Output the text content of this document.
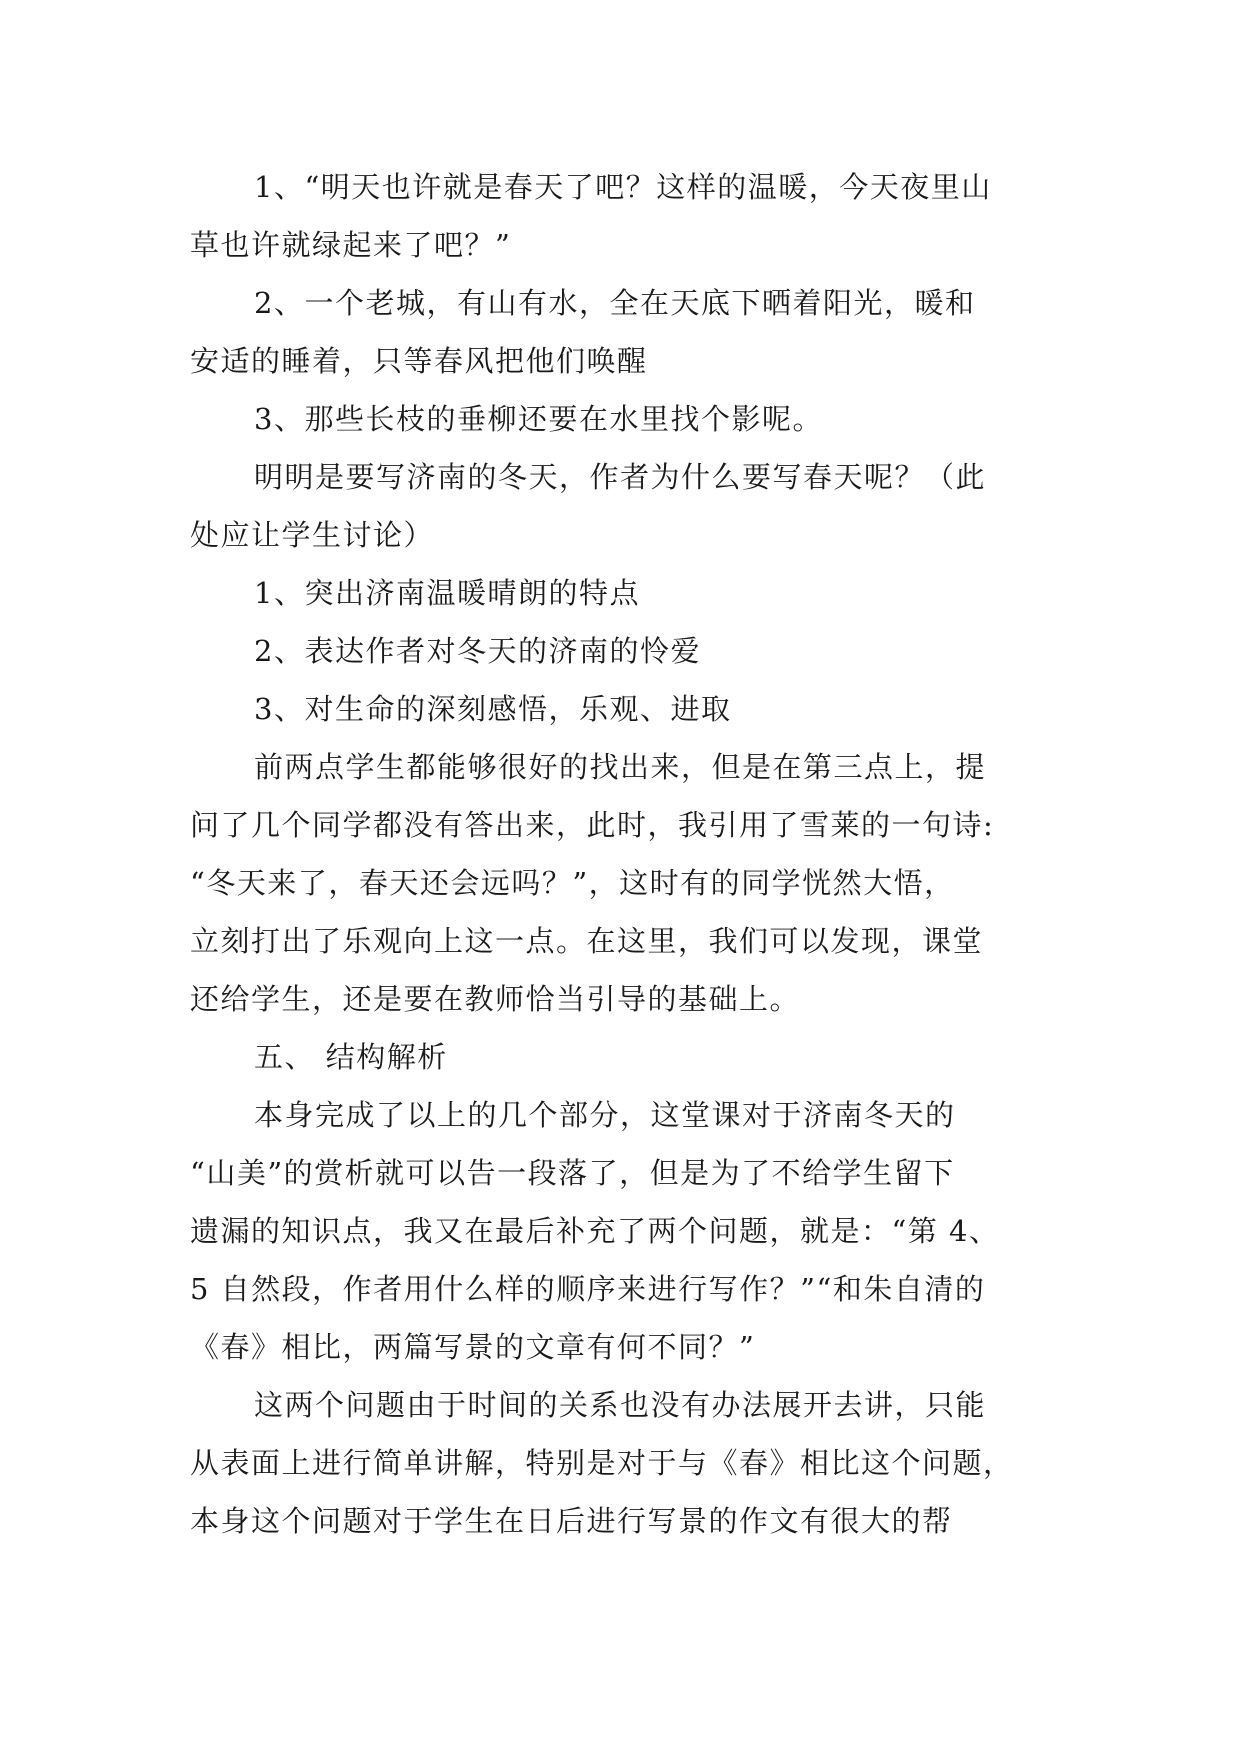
1、“明天也许就是春天了吧？这样的温暖，今天夜里山
草也许就绿起来了吧？”
2、一个老城，有山有水，全在天底下晒着阳光，暖和
安适的睡着，只等春风把他们唤醒
3、那些长枝的垂柳还要在水里找个影呢。
明明是要写济南的冬天，作者为什么要写春天呢？（此
处应让学生讨论）
1、突出济南温暖晴朗的特点
2、表达作者对冬天的济南的怜爱
3、对生命的深刻感悟，乐观、进取
前两点学生都能够很好的找出来，但是在第三点上，提
问了几个同学都没有答出来，此时，我引用了雪莱的一句诗:
“冬天来了，春天还会远吗？”，这时有的同学恍然大悟，
立刻打出了乐观向上这一点。在这里，我们可以发现，课堂
还给学生，还是要在教师恰当引导的基础上。
五、 结构解析
本身完成了以上的几个部分，这堂课对于济南冬天的
“山美”的赏析就可以告一段落了，但是为了不给学生留下
遗漏的知识点，我又在最后补充了两个问题，就是：“第 4、
5 自然段，作者用什么样的顺序来进行写作？”“和朱自清的
《春》相比，两篇写景的文章有何不同？”
这两个问题由于时间的关系也没有办法展开去讲，只能
从表面上进行简单讲解，特别是对于与《春》相比这个问题，
本身这个问题对于学生在日后进行写景的作文有很大的帮
